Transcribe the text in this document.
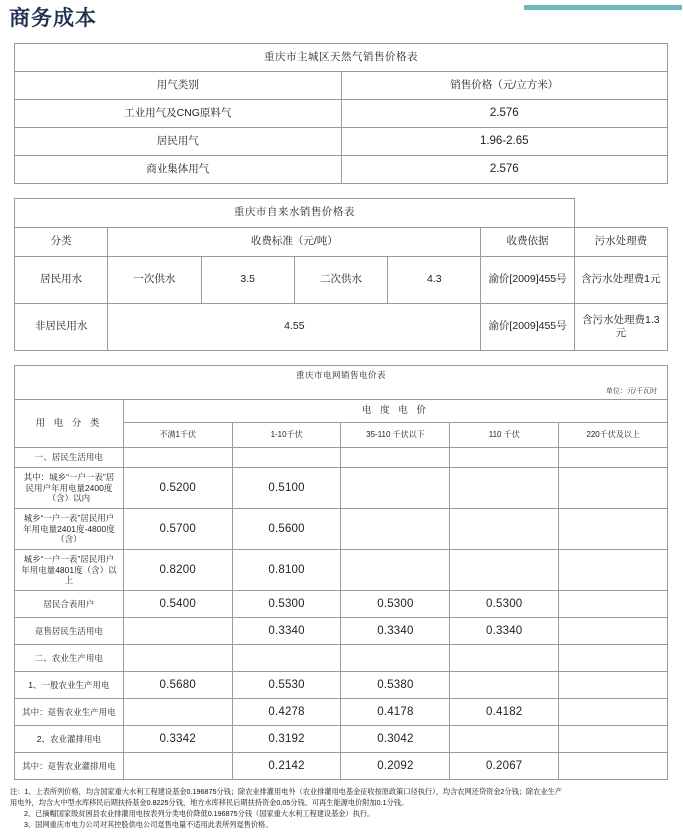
商务成本
重庆市主城区天然气销售价格表	
用气类别	销售价格（元/立方米）
工业用气及CNG原料气	2.576
居民用气	1.96-2.65
商业集体用气	2.576
重庆市自来水销售价格表						
分类	收费标准（元/吨）				收费依据	污水处理费
居民用水	一次供水	3.5	二次供水	4.3	渝价[2009]455号	含污水处理费1元
非居民用水	4.55				渝价[2009]455号	含污水处理费1.3元
重庆市电网销售电价表					
单位：元/千瓦时					
用 电 分 类	电 度 电 价				
	不满1千伏	1-10千伏	35-110 千伏以下	110 千伏	220千伏及以上
一、居民生活用电					
其中：城乡“一户一表”居民用户年用电量2400度（含）以内	0.5200	0.5100			
城乡“一户一表”居民用户年用电量2401度-4800度（含）	0.5700	0.5600			
城乡“一户一表”居民用户年用电量4801度（含）以上	0.8200	0.8100			
居民合表用户	0.5400	0.5300	0.5300	0.5300	
趸售居民生活用电		0.3340	0.3340	0.3340	
二、农业生产用电					
1、一般农业生产用电	0.5680	0.5530	0.5380		
其中：趸售农业生产用电		0.4278	0.4178	0.4182	
2、农业灌排用电	0.3342	0.3192	0.3042		
其中：趸售农业灌排用电		0.2142	0.2092	0.2067	
注：1、上表所列价格，均含国家重大水利工程建设基金0.196875分钱；除农业排灌用电外（农业排灌用电基金征收按原政策口径执行），均含农网还贷资金2分钱；除农业生产
用电外，均含大中型水库移民后期扶持基金0.8225分钱、地方水库移民后期扶持资金0.05分钱、可再生能源电价附加0.1分钱。
2、已摘帽国家级贫困县农业排灌用电按表列分类电价降低0.196875分钱（国家重大水利工程建设基金）执行。
3、国网重庆市电力公司对其控股供电公司趸售电量不适用此表所列趸售价格。
